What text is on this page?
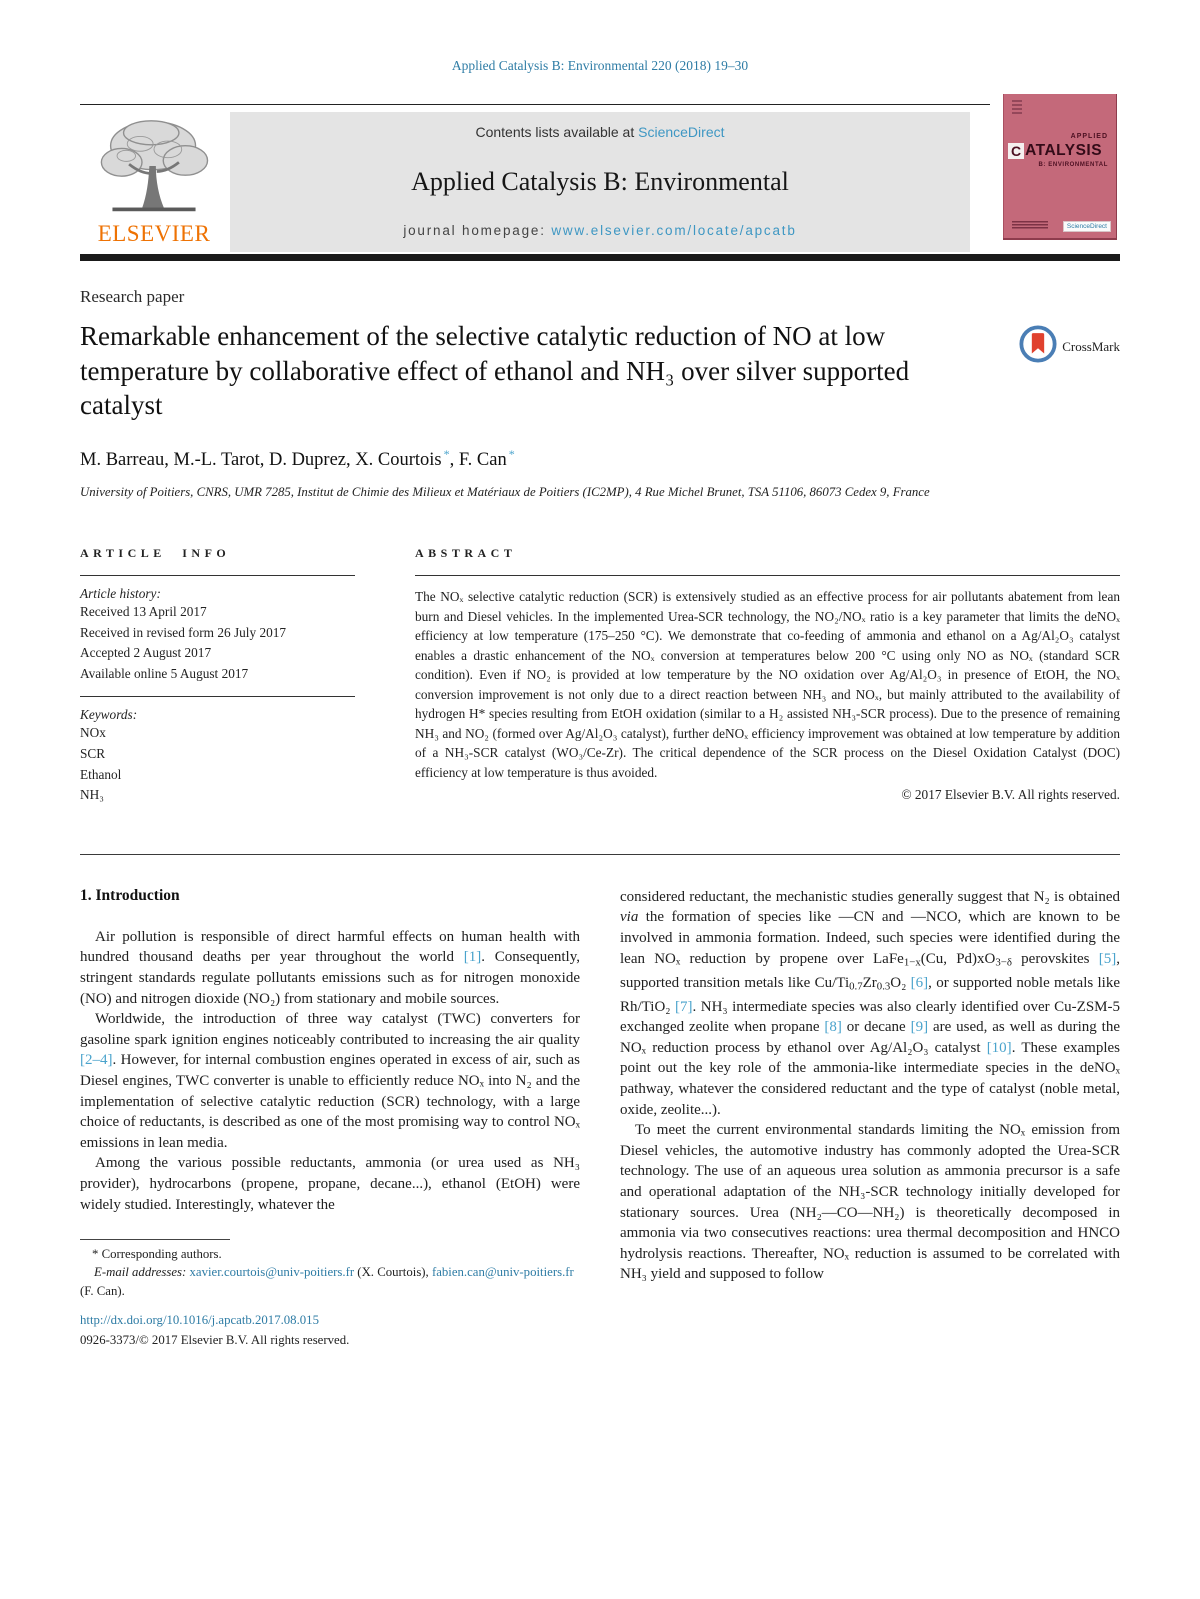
Applied Catalysis B: Environmental 220 (2018) 19–30
ELSEVIER
Contents lists available at ScienceDirect
Applied Catalysis B: Environmental
journal homepage: www.elsevier.com/locate/apcatb
APPLIED
C ATALYSIS
B: ENVIRONMENTAL
ScienceDirect
Research paper
Remarkable enhancement of the selective catalytic reduction of NO at low temperature by collaborative effect of ethanol and NH₃ over silver supported catalyst
CrossMark
M. Barreau, M.-L. Tarot, D. Duprez, X. Courtois *, F. Can *
University of Poitiers, CNRS, UMR 7285, Institut de Chimie des Milieux et Matériaux de Poitiers (IC2MP), 4 Rue Michel Brunet, TSA 51106, 86073 Cedex 9, France
ARTICLE INFO
Article history:
Received 13 April 2017
Received in revised form 26 July 2017
Accepted 2 August 2017
Available online 5 August 2017
Keywords:
NOx
SCR
Ethanol
NH₃
ABSTRACT

The NOₓ selective catalytic reduction (SCR) is extensively studied as an effective process for air pollutants abatement from lean burn and Diesel vehicles. In the implemented Urea-SCR technology, the NO₂/NOₓ ratio is a key parameter that limits the deNOₓ efficiency at low temperature (175–250 °C). We demonstrate that co-feeding of ammonia and ethanol on a Ag/Al₂O₃ catalyst enables a drastic enhancement of the NOₓ conversion at temperatures below 200 °C using only NO as NOₓ (standard SCR condition). Even if NO₂ is provided at low temperature by the NO oxidation over Ag/Al₂O₃ in presence of EtOH, the NOₓ conversion improvement is not only due to a direct reaction between NH₃ and NOₓ, but mainly attributed to the availability of hydrogen H* species resulting from EtOH oxidation (similar to a H₂ assisted NH₃-SCR process). Due to the presence of remaining NH₃ and NO₂ (formed over Ag/Al₂O₃ catalyst), further deNOₓ efficiency improvement was obtained at low temperature by addition of a NH₃-SCR catalyst (WO₃/Ce-Zr). The critical dependence of the SCR process on the Diesel Oxidation Catalyst (DOC) efficiency at low temperature is thus avoided.

© 2017 Elsevier B.V. All rights reserved.
1. Introduction

Air pollution is responsible of direct harmful effects on human health with hundred thousand deaths per year throughout the world [1]. Consequently, stringent standards regulate pollutants emissions such as for nitrogen monoxide (NO) and nitrogen dioxide (NO₂) from stationary and mobile sources.

Worldwide, the introduction of three way catalyst (TWC) converters for gasoline spark ignition engines noticeably contributed to increasing the air quality [2–4]. However, for internal combustion engines operated in excess of air, such as Diesel engines, TWC converter is unable to efficiently reduce NOₓ into N₂ and the implementation of selective catalytic reduction (SCR) technology, with a large choice of reductants, is described as one of the most promising way to control NOₓ emissions in lean media.

Among the various possible reductants, ammonia (or urea used as NH₃ provider), hydrocarbons (propene, propane, decane...), ethanol (EtOH) were widely studied. Interestingly, whatever the

* Corresponding authors.
E-mail addresses: xavier.courtois@univ-poitiers.fr (X. Courtois), fabien.can@univ-poitiers.fr (F. Can).
http://dx.doi.org/10.1016/j.apcatb.2017.08.015
0926-3373/© 2017 Elsevier B.V. All rights reserved.

considered reductant, the mechanistic studies generally suggest that N₂ is obtained via the formation of species like —CN and —NCO, which are known to be involved in ammonia formation. Indeed, such species were identified during the lean NOₓ reduction by propene over LaFe$_{1-x}$(Cu, $Pd)xO_{3-\delta}$ perovskites [5], supported transition metals like $Cu/Ti_{0.7}Zr_{0.3}O_2$ [6], or supported noble metals like Rh/TiO₂ [7]. NH₃ intermediate species was also clearly identified over Cu-ZSM-5 exchanged zeolite when propane [8] or decane [9] are used, as well as during the NOₓ reduction process by ethanol over Ag/Al₂O₃ catalyst [10]. These examples point out the key role of the ammonia-like intermediate species in the deNOₓ pathway, whatever the considered reductant and the type of catalyst (noble metal, oxide, zeolite...).

To meet the current environmental standards limiting the NOₓ emission from Diesel vehicles, the automotive industry has commonly adopted the Urea-SCR technology. The use of an aqueous urea solution as ammonia precursor is a safe and operational adaptation of the NH₃-SCR technology initially developed for stationary sources. Urea (NH₂—CO—NH₂) is theoretically decomposed in ammonia via two consecutives reactions: urea thermal decomposition and HNCO hydrolysis reactions. Thereafter, NOₓ reduction is assumed to be correlated with NH₃ yield and supposed to follow
